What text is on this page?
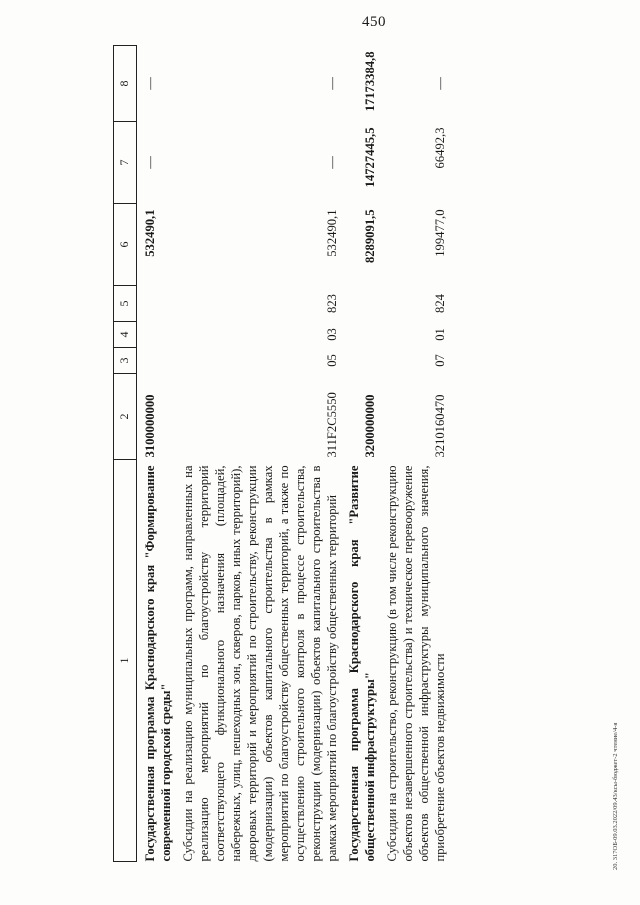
450
20. 317ОБ-09.03.2022/09.43/ксы-бюджет-2 чтение/4-я
1	2	3	4	5	6	7	8
Государственная программа Краснодарского края "Формирование современной городской среды"	3100000000				532490,1	—	—
Субсидии на реализацию муниципальных программ, направленных на реализацию мероприятий по благоустройству территорий соответствующего функционального назначения (площадей, набережных, улиц, пешеходных зон, скверов, парков, иных территорий), дворовых территорий и мероприятий по строительству, реконструкции (модернизации) объектов капитального строительства в рамках мероприятий по благоустройству общественных территорий, а также по осуществлению строительного контроля в процессе строительства, реконструкции (модернизации) объектов капитального строительства в рамках мероприятий по благоустройству общественных территорий	311F2C5550	05	03	823	532490,1	—	—
Государственная программа Краснодарского края "Развитие общественной инфраструктуры"	3200000000				8289091,5	14727445,5	17173384,8
Субсидии на строительство, реконструкцию (в том числе реконструкцию объектов незавершенного строительства) и техническое перевооружение объектов общественной инфраструктуры муниципального значения, приобретение объектов недвижимости	3210160470	07	01	824	199477,0	66492,3	—
